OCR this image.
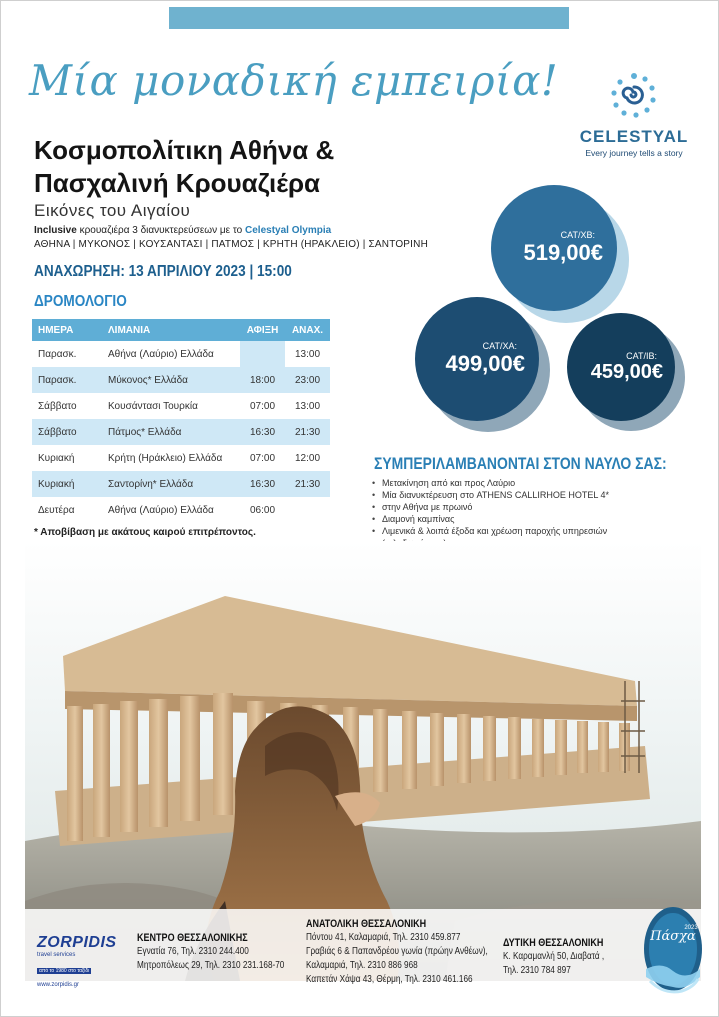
Μία μοναδική εμπειρία!
CELESTYAL
Every journey tells a story
Κοσμοπολίτικη Αθήνα &
Πασχαλινή Κρουαζιέρα
Εικόνες του Αιγαίου
Inclusive κρουαζιέρα 3 διανυκτερεύσεων με το Celestyal Olympia
ΑΘΗΝΑ | ΜΥΚΟΝΟΣ | ΚΟΥΣΑΝΤΑΣΙ | ΠΑΤΜΟΣ | ΚΡΗΤΗ (ΗΡΑΚΛΕΙΟ) | ΣΑΝΤΟΡΙΝΗ
ΑΝΑΧΩΡΗΣΗ: 13 ΑΠΡΙΛΙΟΥ 2023 | 15:00
ΔΡΟΜΟΛΟΓΙΟ
ΗΜΕΡΑ	ΛΙΜΑΝΙΑ	ΑΦΙΞΗ	ΑΝΑΧ.
Παρασκ.	Αθήνα (Λαύριο) Ελλάδα		13:00
Παρασκ.	Μύκονος* Ελλάδα	18:00	23:00
Σάββατο	Κουσάντασι Τουρκία	07:00	13:00
Σάββατο	Πάτμος* Ελλάδα	16:30	21:30
Κυριακή	Κρήτη (Ηράκλειο) Ελλάδα	07:00	12:00
Κυριακή	Σαντορίνη* Ελλάδα	16:30	21:30
Δευτέρα	Αθήνα (Λαύριο) Ελλάδα	06:00	
* Αποβίβαση με ακάτους καιρού επιτρέποντος.
CAT/XB:
519,00€
CAT/XA:
499,00€	CAT/IB:
459,00€
ΣΥΜΠΕΡΙΛΑΜΒΑΝΟΝΤΑΙ ΣΤΟΝ ΝΑΥΛΟ ΣΑΣ:
• Μετακίνηση από και προς Λαύριο
• Μία διανυκτέρευση στο ATHENS CALLIRHOE HOTEL 4*
• στην Αθήνα με πρωινό
• Διαμονή καμπίνας
• Λιμενικά & λοιπά έξοδα και χρέωση παροχής υπηρεσιών
•
•
•
•
•
•
ZORPIDIS
travel services
από το 1980 στο ταξίδι
www.zorpidis.gr
ΚΕΝΤΡΟ ΘΕΣΣΑΛΟΝΙΚΗΣ
Εγνατία 76, Τηλ. 2310 244.400
Μητροπόλεως 29, Τηλ. 2310 231.168-70
ΑΝΑΤΟΛΙΚΗ ΘΕΣΣΑΛΟΝΙΚΗ
Πόντου 41, Καλαμαριά, Τηλ. 2310 459.877
Γραβιάς 6 & Παπανδρέου γωνία (πρώην Ανθέων),
Καλαμαριά, Τηλ. 2310 886 968
Καπετάν Χάψα 43, Θέρμη, Τηλ. 2310 461.166
ΔΥΤΙΚΗ ΘΕΣΣΑΛΟΝΙΚΗ
Κ. Καραμανλή 50, Διαβατά ,
Τηλ. 2310 784 897
Πάσχα
2023
